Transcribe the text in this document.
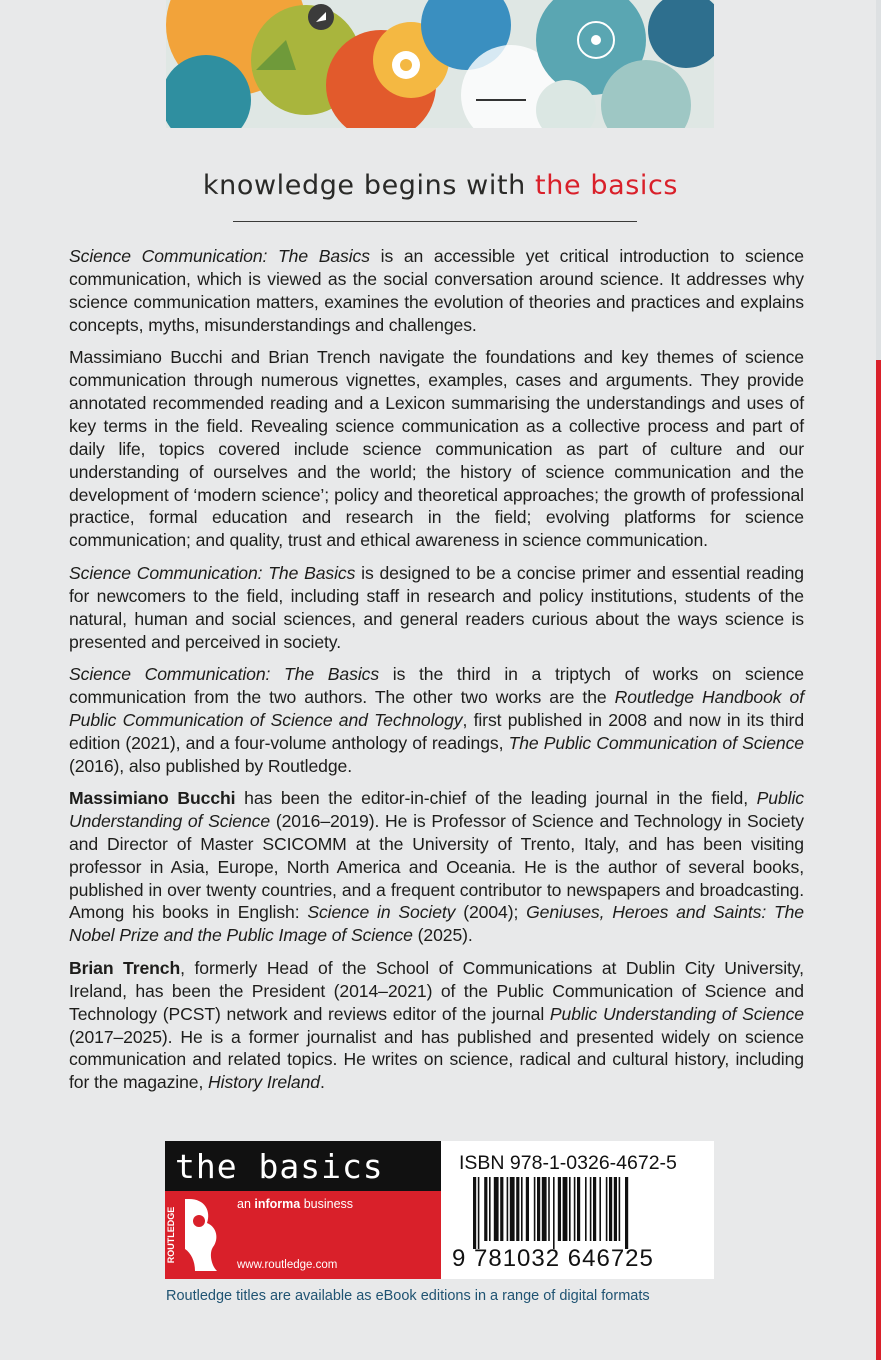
knowledge begins with the basics

Science Communication: The Basics is an accessible yet critical introduction to science communication, which is viewed as the social conversation around science. It addresses why science communication matters, examines the evolution of theories and practices and explains concepts, myths, misunderstandings and challenges.

Massimiano Bucchi and Brian Trench navigate the foundations and key themes of science communication through numerous vignettes, examples, cases and arguments. They provide annotated recommended reading and a Lexicon summarising the understandings and uses of key terms in the field. Revealing science communication as a collective process and part of daily life, topics covered include science communication as part of culture and our understanding of ourselves and the world; the history of science communication and the development of ‘modern science’; policy and theoretical approaches; the growth of professional practice, formal education and research in the field; evolving platforms for science communication; and quality, trust and ethical awareness in science communication.

Science Communication: The Basics is designed to be a concise primer and essential reading for newcomers to the field, including staff in research and policy institutions, students of the natural, human and social sciences, and general readers curious about the ways science is presented and perceived in society.

Science Communication: The Basics is the third in a triptych of works on science communication from the two authors. The other two works are the Routledge Handbook of Public Communication of Science and Technology, first published in 2008 and now in its third edition (2021), and a four-volume anthology of readings, The Public Communication of Science (2016), also published by Routledge.

Massimiano Bucchi has been the editor-in-chief of the leading journal in the field, Public Understanding of Science (2016–2019). He is Professor of Science and Technology in Society and Director of Master SCICOMM at the University of Trento, Italy, and has been visiting professor in Asia, Europe, North America and Oceania. He is the author of several books, published in over twenty countries, and a frequent contributor to newspapers and broadcasting. Among his books in English: Science in Society (2004); Geniuses, Heroes and Saints: The Nobel Prize and the Public Image of Science (2025).

Brian Trench, formerly Head of the School of Communications at Dublin City University, Ireland, has been the President (2014–2021) of the Public Communication of Science and Technology (PCST) network and reviews editor of the journal Public Understanding of Science (2017–2025). He is a former journalist and has published and presented widely on science communication and related topics. He writes on science, radical and cultural history, including for the magazine, History Ireland.

the basics
ROUTLEDGE
an informa business
www.routledge.com
ISBN 978-1-0326-4672-5
9 781032 646725
Routledge titles are available as eBook editions in a range of digital formats
